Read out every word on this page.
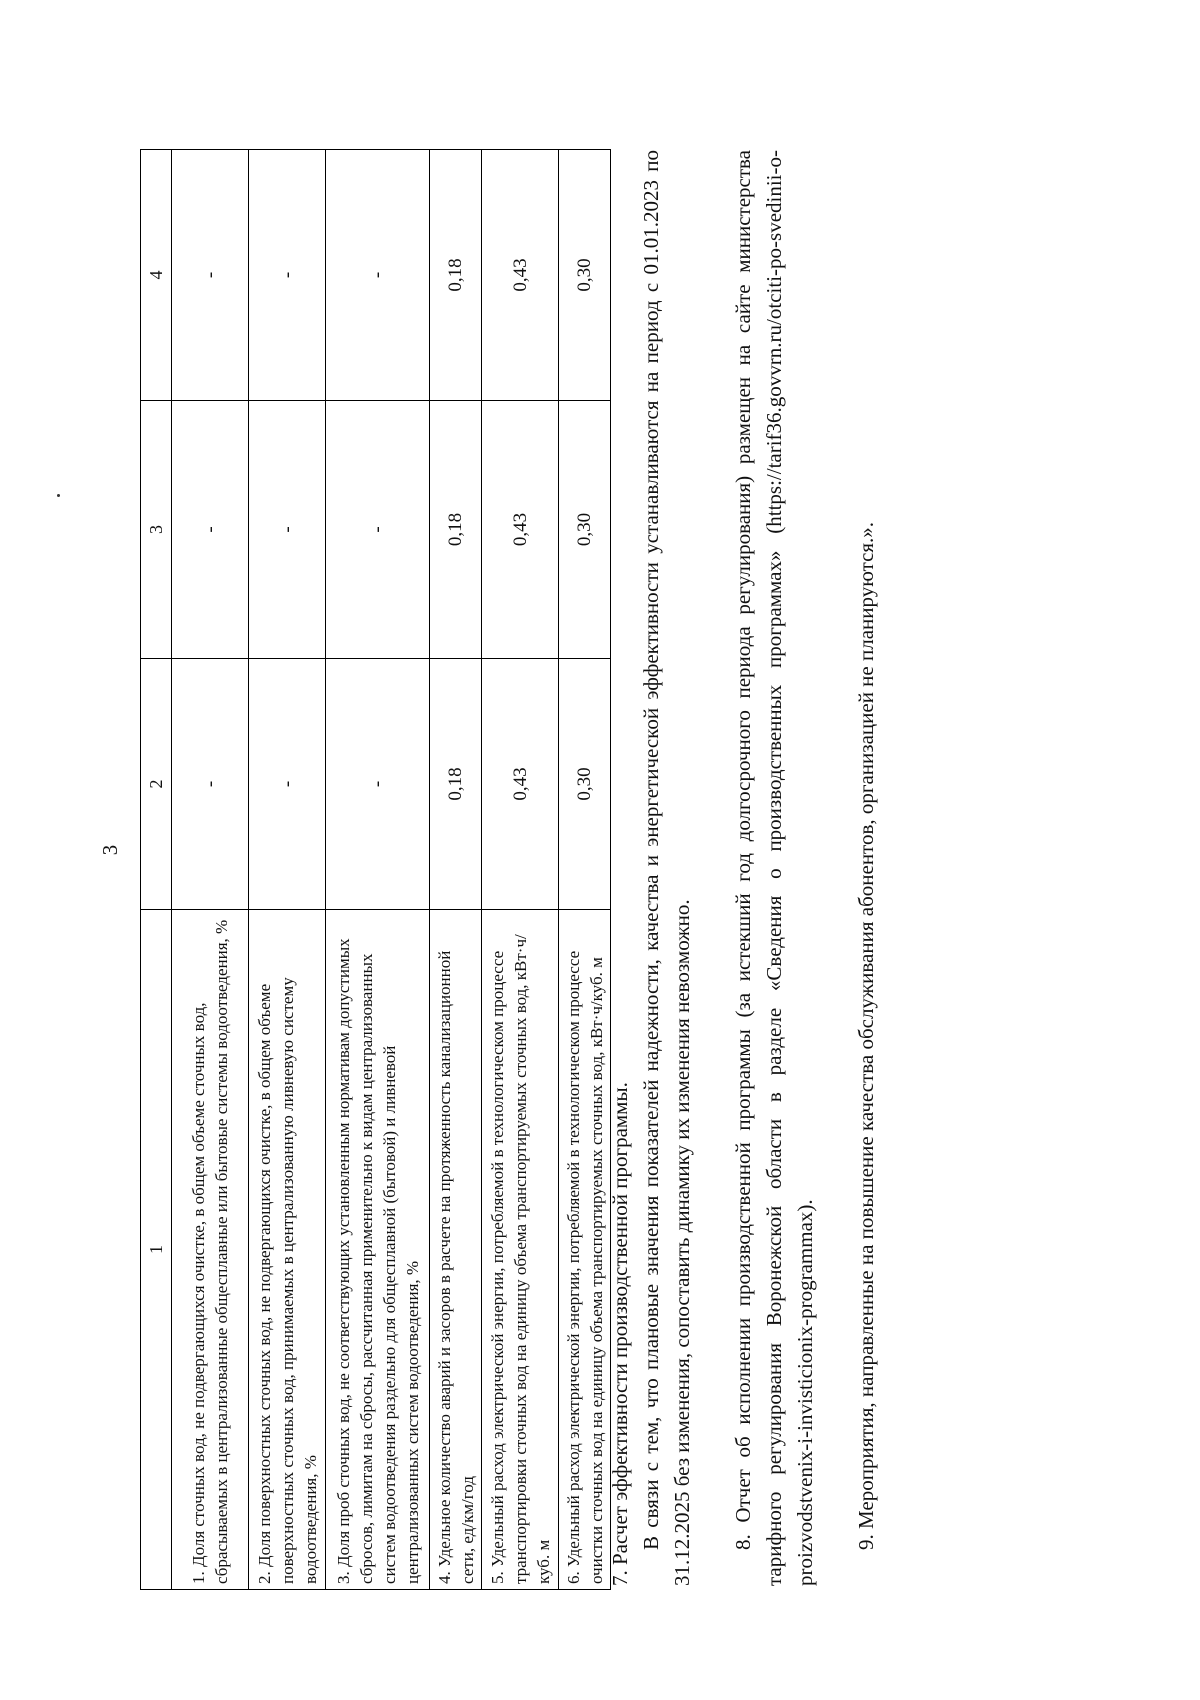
3
1	2	3	4
1. Доля сточных вод, не подвергающихся очистке, в общем объеме сточных вод, сбрасываемых в централизованные общесплавные или бытовые системы водоотведения, %	-	-	-
2. Доля поверхностных сточных вод, не подвергающихся очистке, в общем объеме поверхностных сточных вод, принимаемых в централизованную ливневую систему водоотведения, %	-	-	-
3. Доля проб сточных вод, не соответствующих установленным нормативам допустимых сбросов, лимитам на сбросы, рассчитанная применительно к видам централизованных систем водоотведения раздельно для общесплавной (бытовой) и ливневой централизованных систем водоотведения, %	-	-	-
4. Удельное количество аварий и засоров в расчете на протяженность канализационной сети, ед/км/год	0,18	0,18	0,18
5. Удельный расход электрической энергии, потребляемой в технологическом процессе транспортировки сточных вод на единицу объема транспортируемых сточных вод, кВт·ч/куб. м	0,43	0,43	0,43
6. Удельный расход электрической энергии, потребляемой в технологическом процессе очистки сточных вод на единицу объема транспортируемых сточных вод, кВт·ч/куб. м	0,30	0,30	0,30

7. Расчет эффективности производственной программы. В связи с тем, что плановые значения показателей надежности, качества и энергетической эффективности устанавливаются на период с 01.01.2023 по 31.12.2025 без изменения, сопоставить динамику их изменения невозможно. 8. Отчет об исполнении производственной программы (за истекший год долгосрочного периода регулирования) размещен на сайте министерства тарифного регулирования Воронежской области в разделе «Сведения о производственных программах» (https://tarif36.govvrn.ru/otciti-po-svedinii-o-proizvodstvenix-i-invisticionix-programmax). 9. Мероприятия, направленные на повышение качества обслуживания абонентов, организацией не планируются.».
